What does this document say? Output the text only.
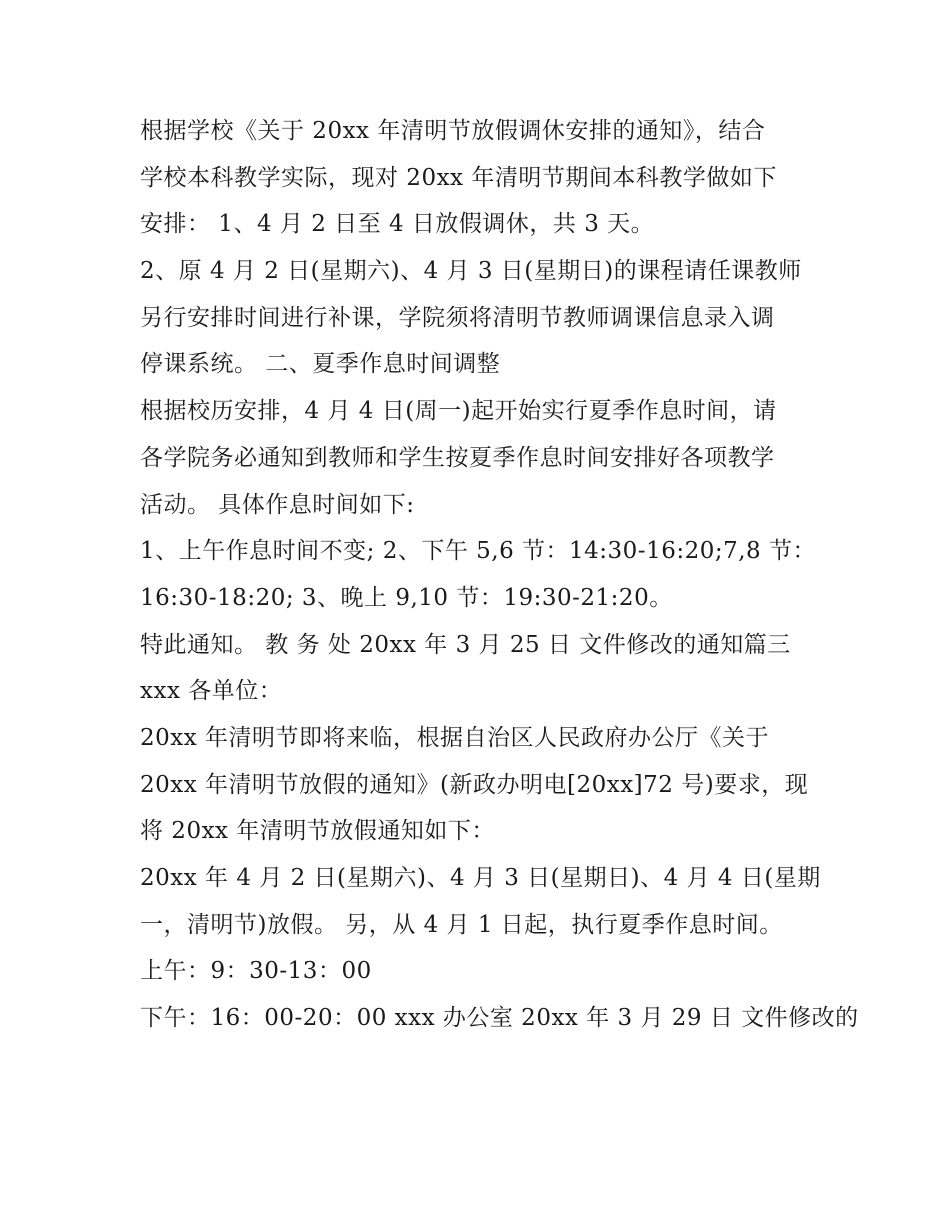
根据学校《关于 20xx 年清明节放假调休安排的通知》，结合
学校本科教学实际，现对 20xx 年清明节期间本科教学做如下
安排： 1、4 月 2 日至 4 日放假调休，共 3 天。
2、原 4 月 2 日(星期六)、4 月 3 日(星期日)的课程请任课教师
另行安排时间进行补课，学院须将清明节教师调课信息录入调
停课系统。 二、夏季作息时间调整
根据校历安排，4 月 4 日(周一)起开始实行夏季作息时间，请
各学院务必通知到教师和学生按夏季作息时间安排好各项教学
活动。 具体作息时间如下:
1、上午作息时间不变; 2、下午 5,6 节：14:30-16:20;7,8 节：
16:30-18:20; 3、晚上 9,10 节：19:30-21:20。
特此通知。 教 务 处 20xx 年 3 月 25 日 文件修改的通知篇三
xxx 各单位：
20xx 年清明节即将来临，根据自治区人民政府办公厅《关于
20xx 年清明节放假的通知》(新政办明电[20xx]72 号)要求，现
将 20xx 年清明节放假通知如下：
20xx 年 4 月 2 日(星期六)、4 月 3 日(星期日)、4 月 4 日(星期
一，清明节)放假。 另，从 4 月 1 日起，执行夏季作息时间。
上午：9：30-13：00
下午：16：00-20：00 xxx 办公室 20xx 年 3 月 29 日 文件修改的
